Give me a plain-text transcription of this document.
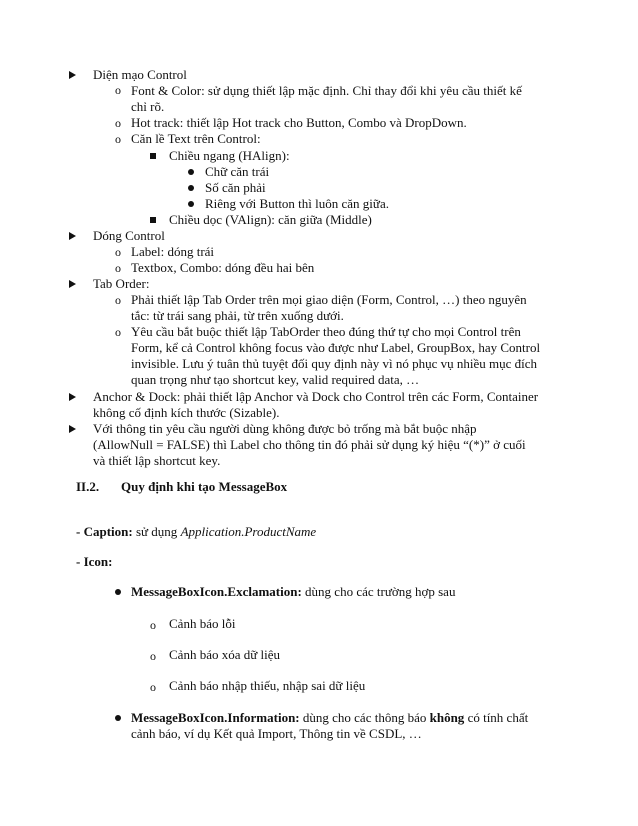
o
o
o
o
o
o
o
Diện mạo Control
Font & Color: sử dụng thiết lập mặc định. Chỉ thay đổi khi yêu cầu thiết kế
chỉ rõ.
Hot track: thiết lập Hot track cho Button, Combo và DropDown.
Căn lề Text trên Control:
Chiều ngang (HAlign):
Chữ căn trái
Số căn phải
Riêng với Button thì luôn căn giữa.
Chiều dọc (VAlign): căn giữa (Middle)
Dóng Control
Label: dóng trái
Textbox, Combo: dóng đều hai bên
Tab Order:
Phải thiết lập Tab Order trên mọi giao diện (Form, Control, …) theo nguyên
tắc: từ trái sang phải, từ trên xuống dưới.
Yêu cầu bắt buộc thiết lập TabOrder theo đúng thứ tự cho mọi Control trên
Form, kể cả Control không focus vào được như Label, GroupBox, hay Control
invisible. Lưu ý tuân thủ tuyệt đối quy định này vì nó phục vụ nhiều mục đích
quan trọng như tạo shortcut key, valid required data, …
Anchor & Dock: phải thiết lập Anchor và Dock cho Control trên các Form, Container
không cố định kích thước (Sizable).
Với thông tin yêu cầu người dùng không được bỏ trống mà bắt buộc nhập
(AllowNull = FALSE) thì Label cho thông tin đó phải sử dụng ký hiệu “(*)” ở cuối
và thiết lập shortcut key.
II.2. Quy định khi tạo MessageBox
- Caption: sử dụng Application.ProductName
- Icon:
MessageBoxIcon.Exclamation: dùng cho các trường hợp sau
o Cảnh báo lỗi
o Cảnh báo xóa dữ liệu
o Cảnh báo nhập thiếu, nhập sai dữ liệu
MessageBoxIcon.Information: dùng cho các thông báo không có tính chất
cảnh báo, ví dụ Kết quả Import, Thông tin về CSDL, …
